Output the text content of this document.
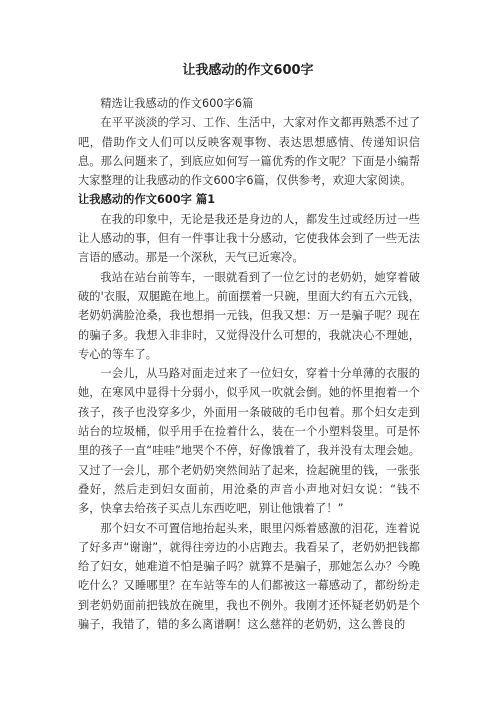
让我感动的作文600字

精选让我感动的作文600字6篇

在平平淡淡的学习、工作、生活中，大家对作文都再熟悉不过了吧，借助作文人们可以反映客观事物、表达思想感情、传递知识信息。那么问题来了，到底应如何写一篇优秀的作文呢？下面是小编帮大家整理的让我感动的作文600字6篇，仅供参考，欢迎大家阅读。

让我感动的作文600字 篇1

在我的印象中，无论是我还是身边的人，都发生过或经历过一些让人感动的事，但有一件事让我十分感动，它使我体会到了一些无法言语的感动。那是一个深秋，天气已近寒冷。

我站在站台前等车，一眼就看到了一位乞讨的老奶奶，她穿着破破的'衣服，双腿跪在地上。前面摆着一只碗，里面大约有五六元钱，老奶奶满脸沧桑，我也想捐一元钱，但我又想：万一是骗子呢？现在的骗子多。我想入非非时，又觉得没什么可想的，我就决心不理她，专心的等车了。

一会儿，从马路对面走过来了一位妇女，穿着十分单薄的衣服的她，在寒风中显得十分弱小，似乎风一吹就会倒。她的怀里抱着一个孩子，孩子也没穿多少，外面用一条破破的毛巾包着。那个妇女走到站台的垃圾桶，似乎用手在捡着什么，装在一个小塑料袋里。可是怀里的孩子一直“哇哇”地哭个不停，好像饿着了，我并没有太理会她。又过了一会儿，那个老奶奶突然间站了起来，捡起碗里的钱，一张张叠好，然后走到妇女面前，用沧桑的声音小声地对妇女说：“钱不多，快拿去给孩子买点儿东西吃吧，别让他饿着了！”

那个妇女不可置信地抬起头来，眼里闪烁着感激的泪花，连着说了好多声“谢谢”，就得往旁边的小店跑去。我看呆了，老奶奶把钱都给了妇女，她难道不怕是骗子吗？就算不是骗子，那她怎么办？今晚吃什么？又睡哪里？在车站等车的人们都被这一幕感动了，都纷纷走到老奶奶面前把钱放在碗里，我也不例外。我刚才还怀疑老奶奶是个骗子，我错了，错的多么离谱啊！这么慈祥的老奶奶，这么善良的
